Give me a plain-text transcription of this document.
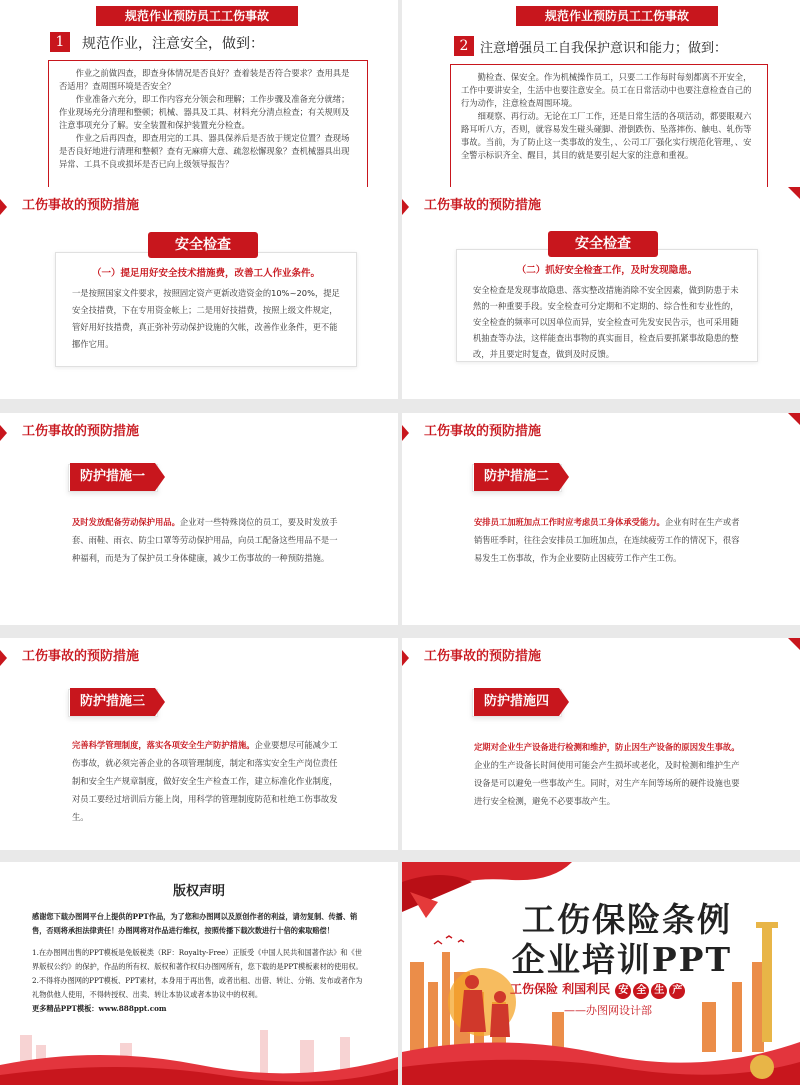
规范作业预防员工工伤事故
1	规范作业，注意安全，做到：

作业之前做四查，即查身体情况是否良好？查着装是否符合要求？查用具是否适用？查周围环境是否安全？

作业准备六充分，即工作内容充分领会和理解；工作步骤及准备充分就绪；作业现场充分清理和整顿；机械、器具及工具、材料充分清点检查；有关规则及注意事项充分了解。安全装置和保护装置充分检查。

作业之后再四查，即查用完的工具、器具保养后是否放于规定位置？查现场是否良好地进行清理和整顿？查有无麻痹大意、疏忽松懈现象？查机械器具出现异常、工具不良或损坏是否已向上级领导报告？

规范作业预防员工工伤事故
2 注意增强员工自我保护意识和能力；做到：

勤检查、保安全。作为机械操作员工，只要二工作每时每刻都离不开安全，工作中要讲安全，生活中也要注意安全。员工在日常活动中也要注意检查自己的行为动作，注意检查周围环境。

细观察、再行动。无论在工厂工作，还是日常生活的各项活动，都要眼观六路耳听八方，否则，就容易发生碰头碰脚、滑倒跌伤、坠落摔伤、触电、轧伤等事故。当前，为了防止这一类事故的发生，、公司工厂强化实行规范化管理，、安全警示标识齐全、醒目，其目的就是要引起大家的注意和重视。

工伤事故的预防措施
（一）提足用好安全技术措施费，改善工人作业条件。
一是按照国家文件要求，按照固定资产更新改造资金的10%~20%，提足安全技措费，下在专用资金帐上；二是用好技措费，按照上级文件规定，管好用好技措费，真正弥补劳动保护设施的欠帐，改善作业条件，更不能挪作它用。
安全检查
工伤事故的预防措施
（二）抓好安全检查工作，及时发现隐患。
安全检查是发现事故隐患、落实整改措施消除不安全因素，做到防患于未然的一种重要手段。安全检查可分定期和不定期的、综合性和专业性的，安全检查的频率可以因单位而异，安全检查可先发安民告示，也可采用随机抽查等办法，这样能查出事物的真实面目，检查后要抓紧事故隐患的整改，并且要定时复查，做到及时反馈。
安全检查
工伤事故的预防措施
防护措施一
及时发放配备劳动保护用品。企业对一些特殊岗位的员工，要及时发放手套、雨鞋、雨衣、防尘口罩等劳动保护用品，向员工配备这些用品不是一种福利，而是为了保护员工身体健康，减少工伤事故的一种预防措施。
工伤事故的预防措施
防护措施二
安排员工加班加点工作时应考虑员工身体承受能力。企业有时在生产或者销售旺季时，往往会安排员工加班加点，在连续疲劳工作的情况下，很容易发生工伤事故，作为企业要防止因疲劳工作产生工伤。
工伤事故的预防措施
防护措施三
完善科学管理制度，落实各项安全生产防护措施。企业要想尽可能减少工伤事故，就必须完善企业的各项管理制度，制定和落实安全生产岗位责任制和安全生产规章制度，做好安全生产检查工作，建立标准化作业制度，对员工要经过培训后方能上岗，用科学的管理制度防范和杜绝工伤事故发生。
工伤事故的预防措施
防护措施四
定期对企业生产设备进行检测和维护，防止因生产设备的原因发生事故。企业的生产设备长时间使用可能会产生损坏或老化，及时检测和维护生产设备是可以避免一些事故产生。同时，对生产车间等场所的硬件设施也要进行安全检测，避免不必要事故产生。
版权声明
感谢您下载办图网平台上提供的PPT作品，为了您和办图网以及原创作者的利益，请勿复制、传播、销售，否则将承担法律责任！办图网将对作品进行维权，按照传播下载次数进行十倍的索取赔偿！
1.在办图网出售的PPT模板是免版税类（RF：Royalty-Free）正版受《中国人民共和国著作法》和《世界版权公约》的保护，作品的所有权、版权和著作权归办图网所有，您下载的是PPT模板素材的使用权。
2.不得将办图网的PPT模板、PPT素材，本身用于再出售，或者出租、出借、转让、分销、发布或者作为礼物供他人使用，不得转授权、出卖、转让本协议或者本协议中的权利。
更多精品PPT模板：www.888ppt.com
工伤保险条例
企业培训PPT
工伤保险 利国利民 安 全 生 产
——办图网设计部
